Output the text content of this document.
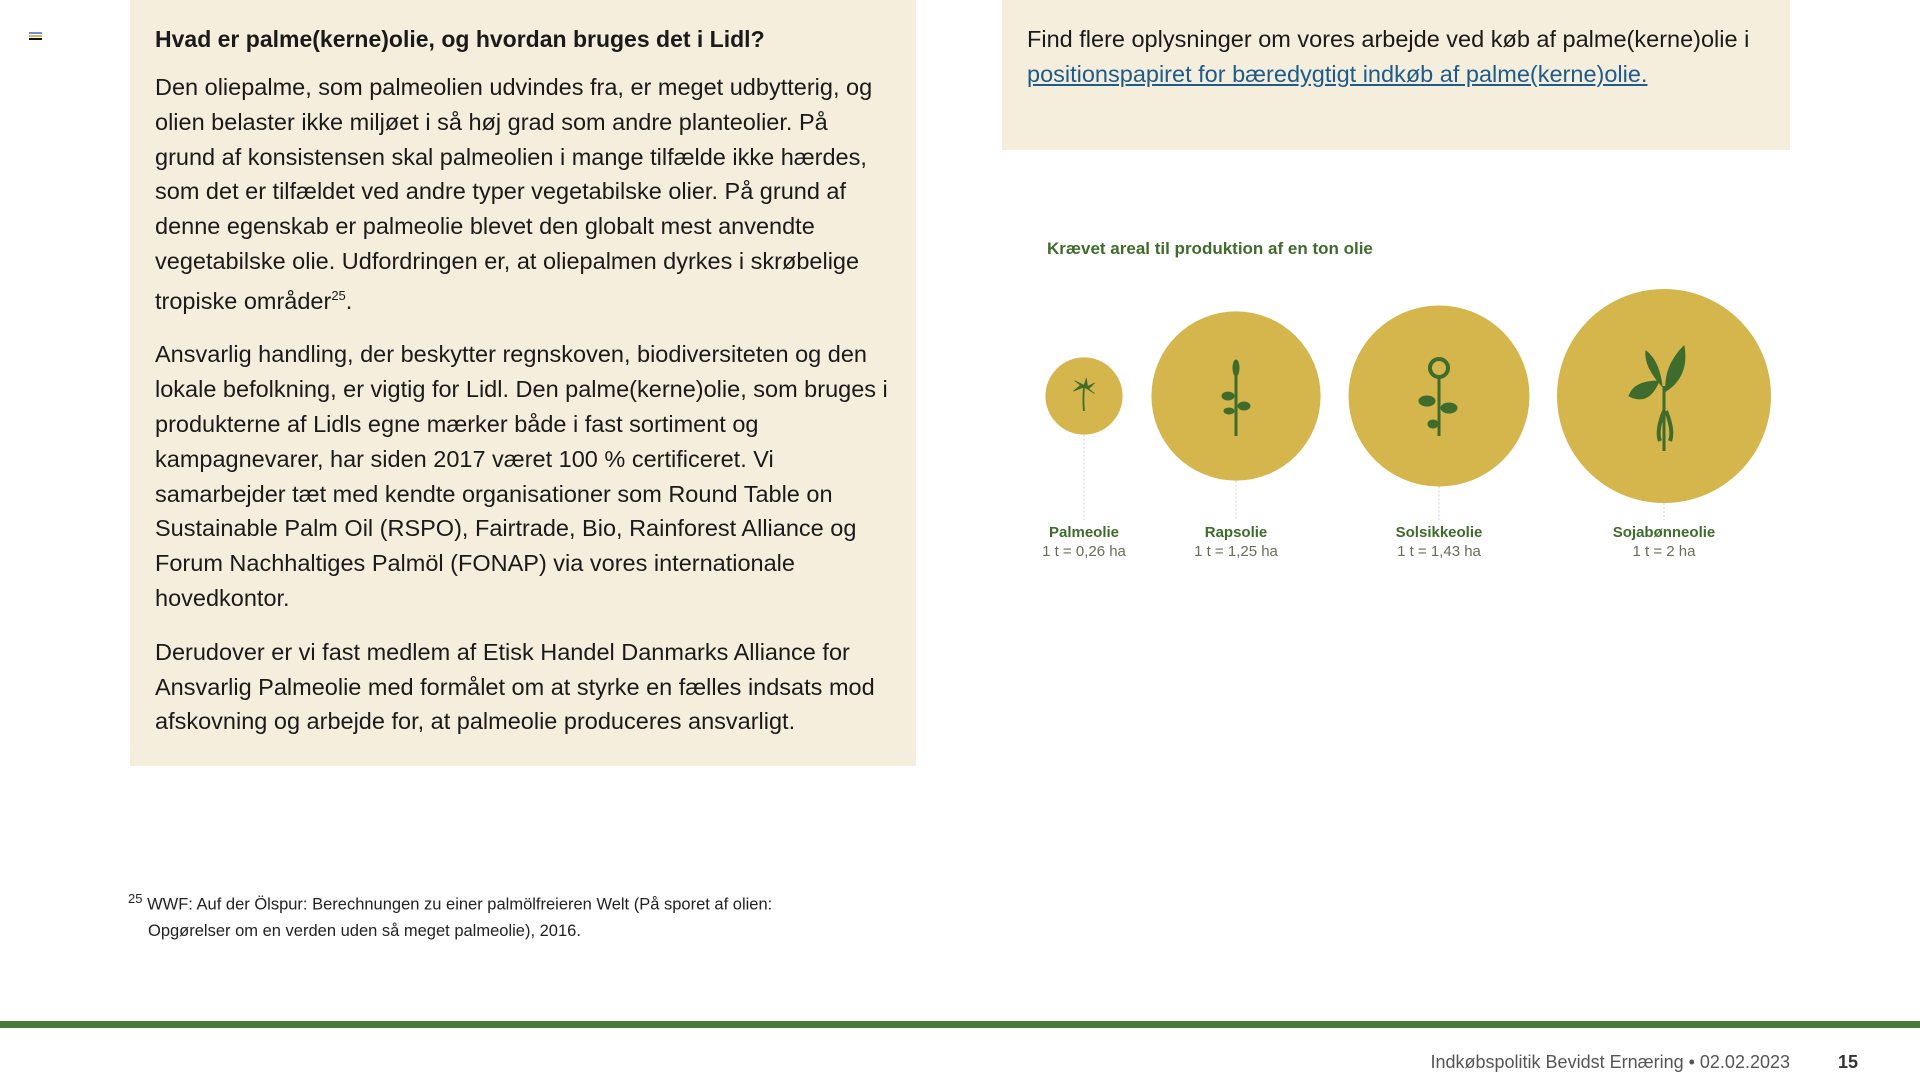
Hvad er palme(kerne)olie, og hvordan bruges det i Lidl?

Den oliepalme, som palmeolien udvindes fra, er meget udbytterig, og olien belaster ikke miljøet i så høj grad som andre planteolier. På grund af konsistensen skal palmeolien i mange tilfælde ikke hærdes, som det er tilfældet ved andre typer vegetabilske olier. På grund af denne egenskab er palmeolie blevet den globalt mest anvendte vegetabilske olie. Udfordringen er, at oliepalmen dyrkes i skrøbelige tropiske områder$^{25}$.

Ansvarlig handling, der beskytter regnskoven, biodiversiteten og den lokale befolkning, er vigtig for Lidl. Den palme(kerne)olie, som bruges i produkterne af Lidls egne mærker både i fast sortiment og kampagnevarer, har siden 2017 været 100 % certificeret. Vi samarbejder tæt med kendte organisationer som Round Table on Sustainable Palm Oil (RSPO), Fairtrade, Bio, Rainforest Alliance og Forum Nachhaltiges Palmöl (FONAP) via vores internationale hovedkontor.

Derudover er vi fast medlem af Etisk Handel Danmarks Alliance for Ansvarlig Palmeolie med formålet om at styrke en fælles indsats mod afskovning og arbejde for, at palmeolie produceres ansvarligt.

Find flere oplysninger om vores arbejde ved køb af palme(kerne)olie i positionspapiret for bæredygtigt indkøb af palme(kerne)olie.
Krævet areal til produktion af en ton olie
Palmeolie
1 t = 0,26 ha
Rapsolie
1 t = 1,25 ha
Solsikkeolie
1 t = 1,43 ha
Sojabønneolie
1 t = 2 ha
$^{25}$ WWF: Auf der Ölspur: Berechnungen zu einer palmölfreieren Welt (På sporet af olien:
Opgørelser om en verden uden så meget palmeolie), 2016.
Indkøbspolitik Bevidst Ernæring • 02.02.2023	15
